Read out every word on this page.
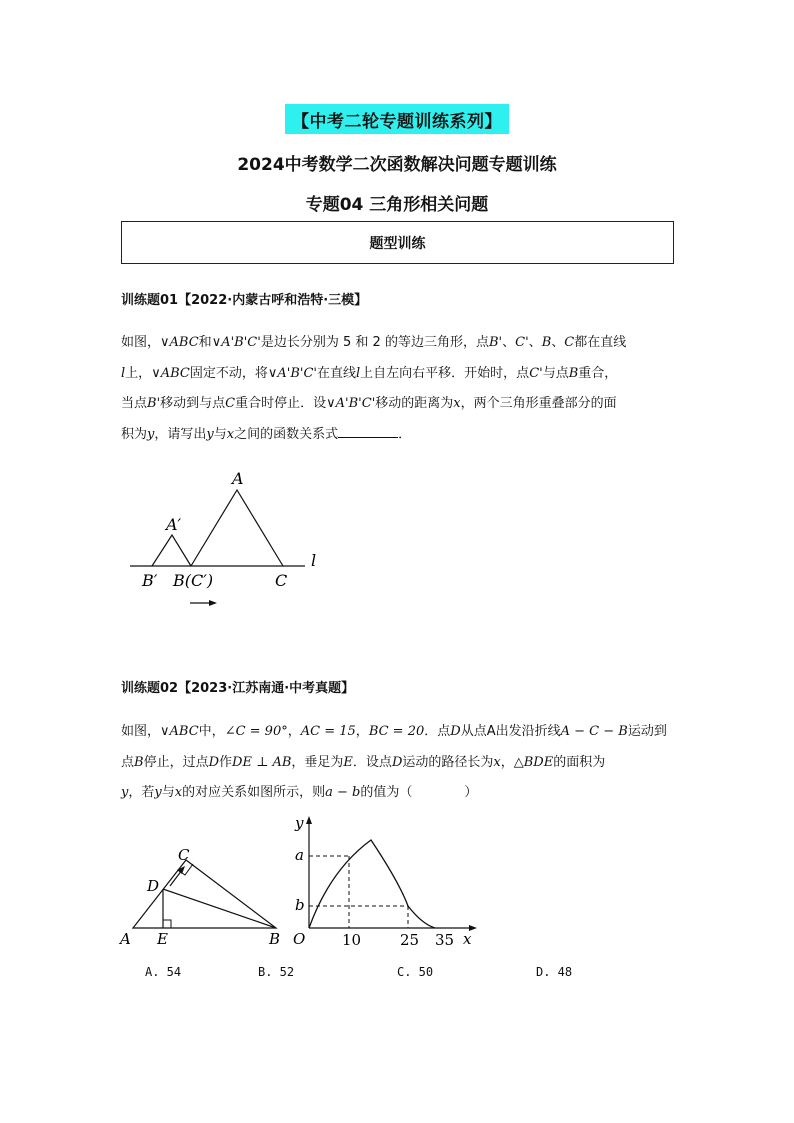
【中考二轮专题训练系列】
2024中考数学二次函数解决问题专题训练
专题04 三角形相关问题
题型训练
训练题01【2022·内蒙古呼和浩特·三模】
如图，∨ABC和∨A'B'C'是边长分别为 5 和 2 的等边三角形，点B'、C'、B、C都在直线
l上，∨ABC固定不动，将∨A'B'C'在直线l上自左向右平移．开始时，点C'与点B重合，
当点B'移动到与点C重合时停止．设∨A'B'C'移动的距离为x，两个三角形重叠部分的面
积为y，请写出y与x之间的函数关系式	．
A
A′
B′ B(C′)	C
l
训练题02【2023·江苏南通·中考真题】
如图，∨ABC中，∠C = 90°，AC = 15，BC = 20．点D从点A出发沿折线A − C − B运动到
点B停止，过点D作DE ⊥ AB，垂足为E．设点D运动的路径长为x，△BDE的面积为
y，若y与x的对应关系如图所示，则a − b的值为（　　　　）
A	B
C
D
E
y
x
O
a
b
10	25 35
A. 54	B. 52	C. 50	D. 48
